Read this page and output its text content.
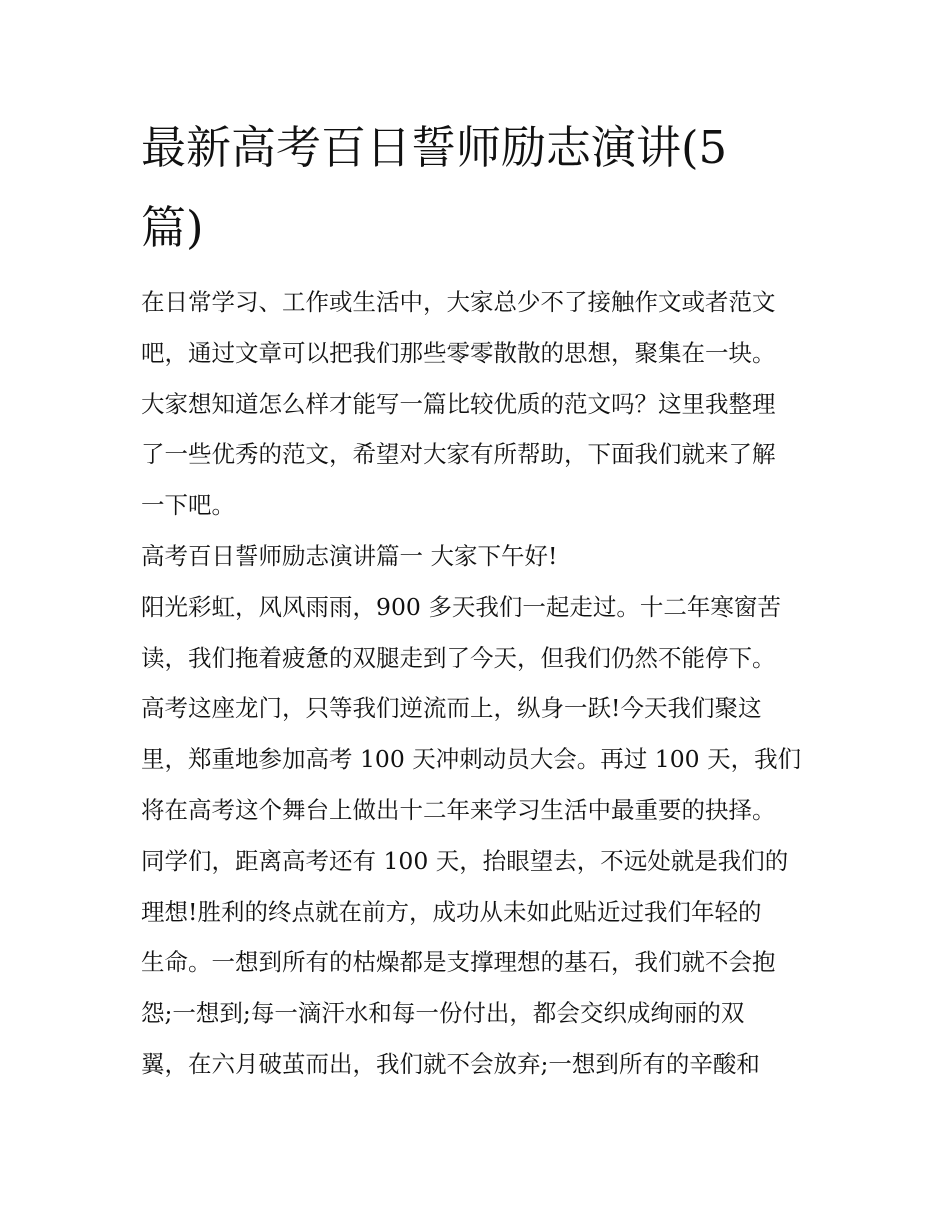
最新高考百日誓师励志演讲(5
篇)
在日常学习、工作或生活中，大家总少不了接触作文或者范文
吧，通过文章可以把我们那些零零散散的思想，聚集在一块。
大家想知道怎么样才能写一篇比较优质的范文吗？这里我整理
了一些优秀的范文，希望对大家有所帮助，下面我们就来了解
一下吧。
高考百日誓师励志演讲篇一 大家下午好!
阳光彩虹，风风雨雨，900 多天我们一起走过。十二年寒窗苦
读，我们拖着疲惫的双腿走到了今天，但我们仍然不能停下。
高考这座龙门，只等我们逆流而上，纵身一跃!今天我们聚这
里，郑重地参加高考 100 天冲刺动员大会。再过 100 天，我们
将在高考这个舞台上做出十二年来学习生活中最重要的抉择。
同学们，距离高考还有 100 天，抬眼望去，不远处就是我们的
理想!胜利的终点就在前方，成功从未如此贴近过我们年轻的
生命。一想到所有的枯燥都是支撑理想的基石，我们就不会抱
怨;一想到;每一滴汗水和每一份付出，都会交织成绚丽的双
翼，在六月破茧而出，我们就不会放弃;一想到所有的辛酸和
